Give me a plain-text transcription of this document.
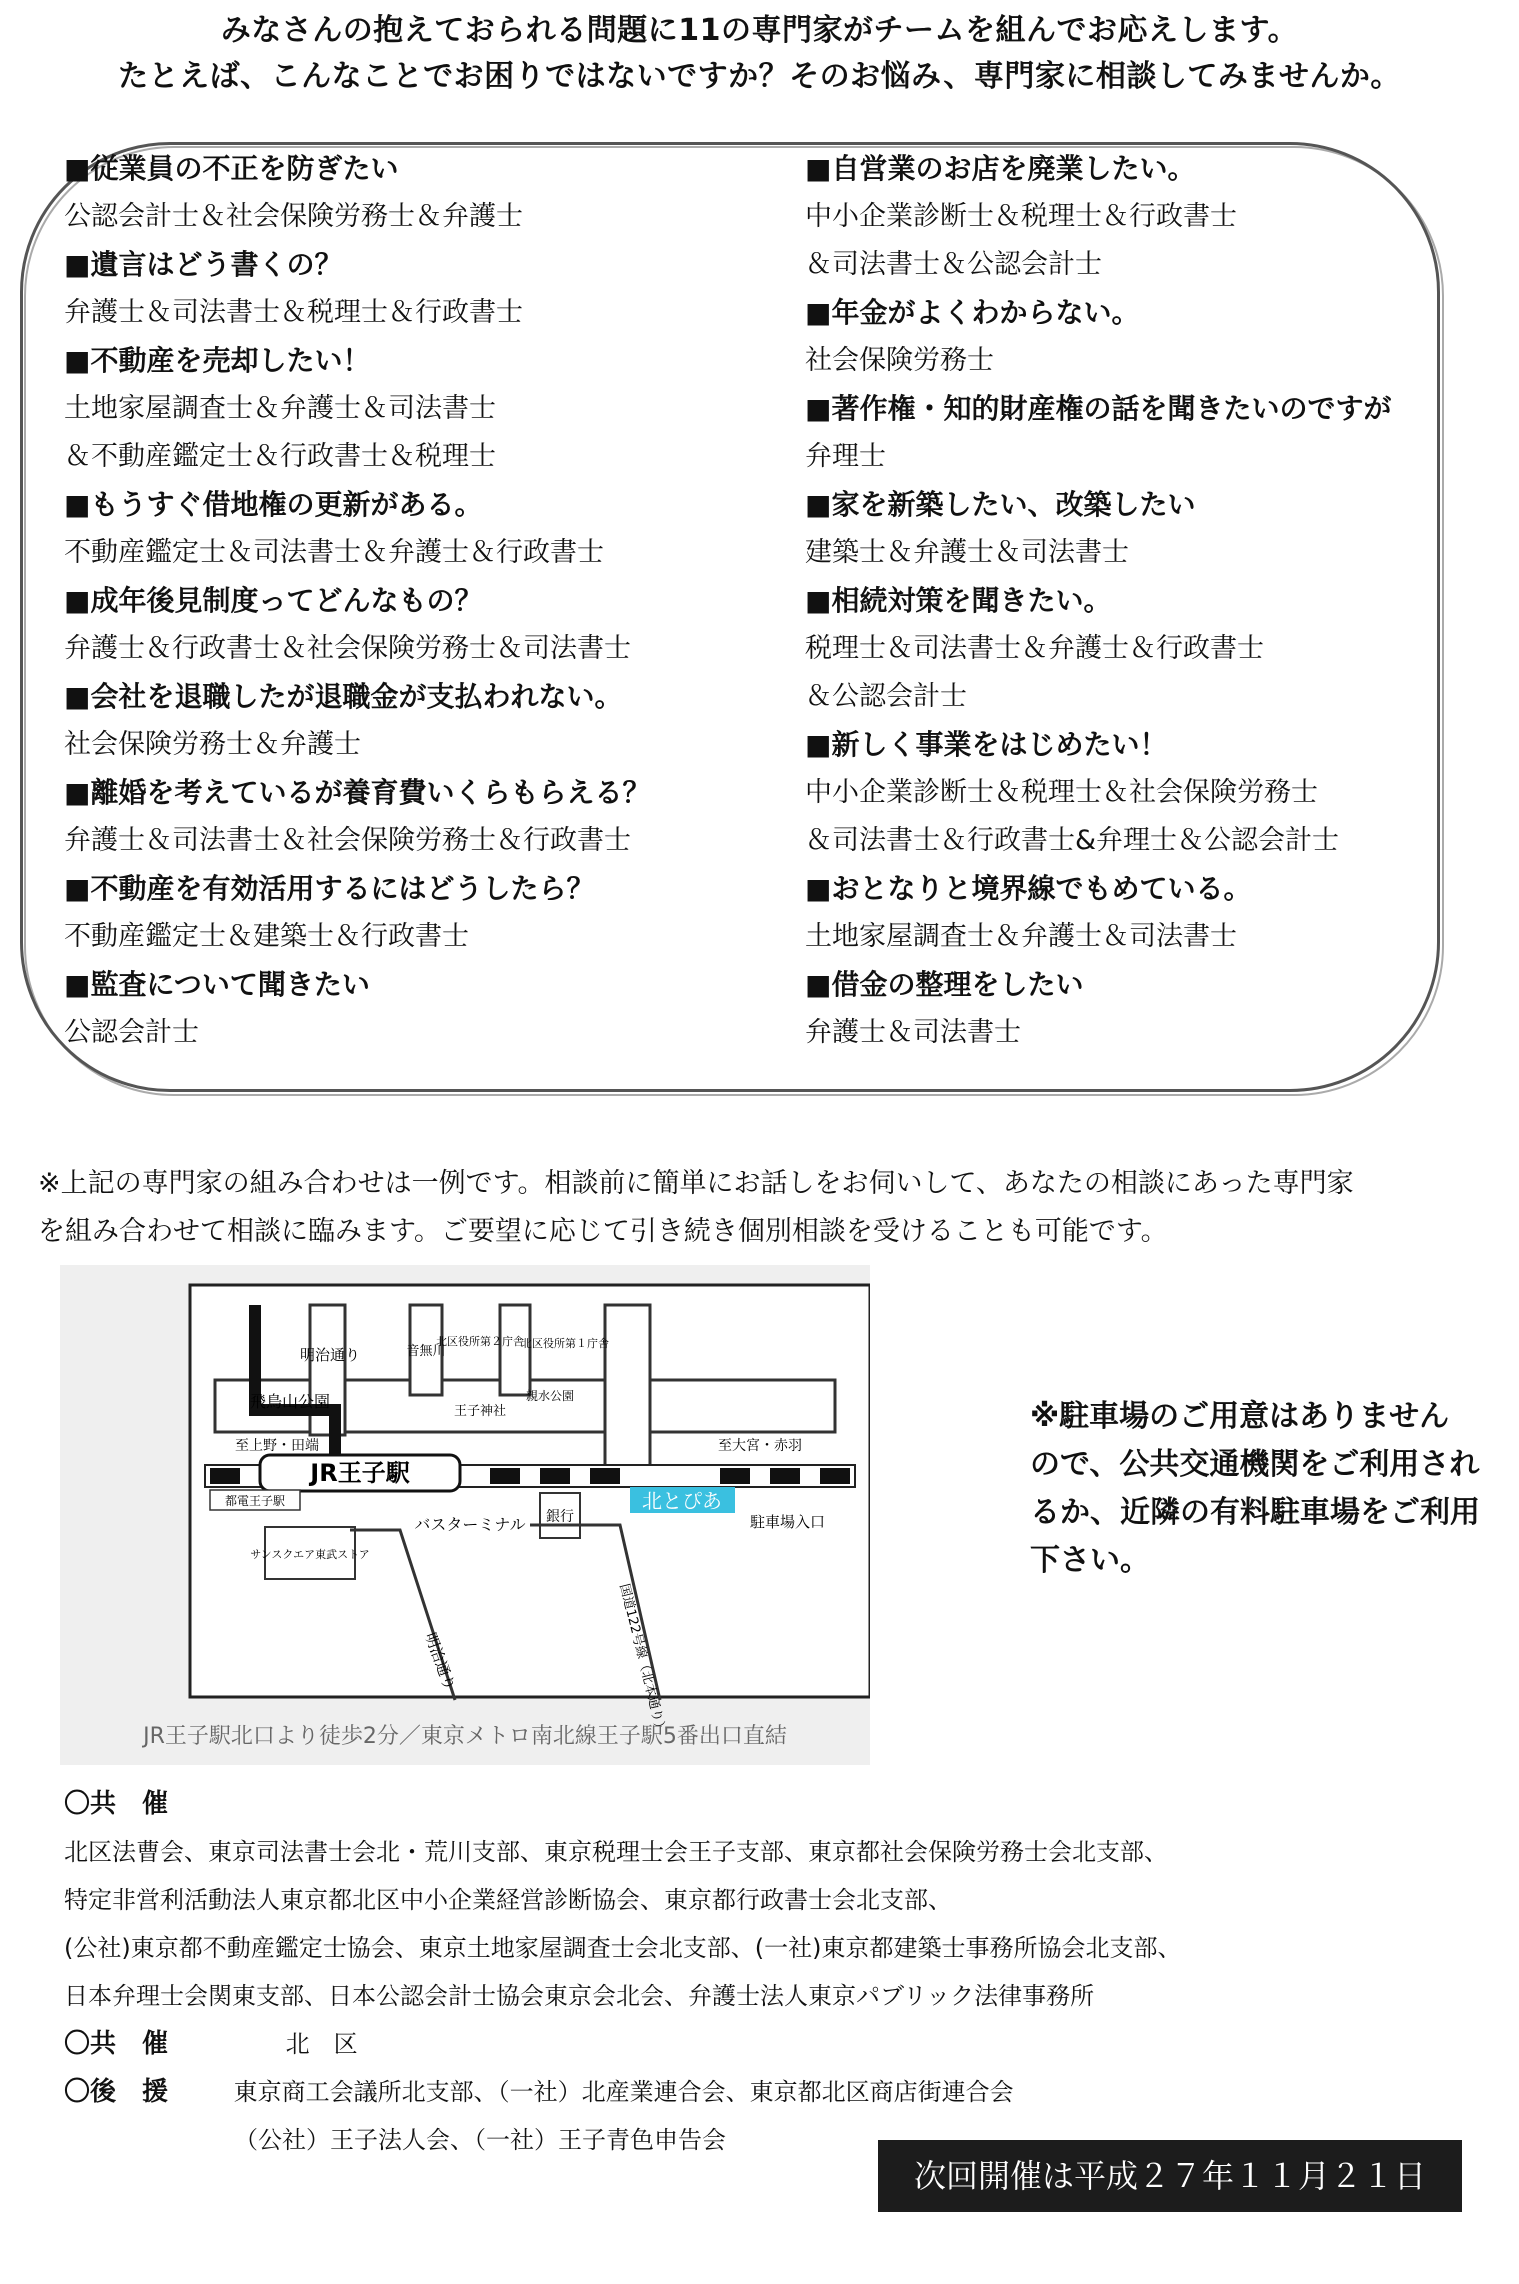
みなさんの抱えておられる問題に11の専門家がチームを組んでお応えします。
たとえば、こんなことでお困りではないですか？そのお悩み、専門家に相談してみませんか。
■従業員の不正を防ぎたい
公認会計士＆社会保険労務士＆弁護士
■遺言はどう書くの？
弁護士＆司法書士＆税理士＆行政書士
■不動産を売却したい！
土地家屋調査士＆弁護士＆司法書士
＆不動産鑑定士＆行政書士＆税理士
■もうすぐ借地権の更新がある。
不動産鑑定士＆司法書士＆弁護士＆行政書士
■成年後見制度ってどんなもの？
弁護士＆行政書士＆社会保険労務士＆司法書士
■会社を退職したが退職金が支払われない。
社会保険労務士＆弁護士
■離婚を考えているが養育費いくらもらえる？
弁護士＆司法書士＆社会保険労務士＆行政書士
■不動産を有効活用するにはどうしたら？
不動産鑑定士＆建築士＆行政書士
■監査について聞きたい
公認会計士
■自営業のお店を廃業したい。
中小企業診断士＆税理士＆行政書士
＆司法書士＆公認会計士
■年金がよくわからない。
社会保険労務士
■著作権・知的財産権の話を聞きたいのですが
弁理士
■家を新築したい、改築したい
建築士＆弁護士＆司法書士
■相続対策を聞きたい。
税理士＆司法書士＆弁護士＆行政書士
＆公認会計士
■新しく事業をはじめたい！
中小企業診断士＆税理士＆社会保険労務士
＆司法書士＆行政書士&弁理士＆公認会計士
■おとなりと境界線でもめている。
土地家屋調査士＆弁護士＆司法書士
■借金の整理をしたい
弁護士＆司法書士
※上記の専門家の組み合わせは一例です。相談前に簡単にお話しをお伺いして、あなたの相談にあった専門家
を組み合わせて相談に臨みます。ご要望に応じて引き続き個別相談を受けることも可能です。
JR王子駅
北とぴあ
駐車場入口
銀行
バスターミナル
サンスクエア東武ストア
都電王子駅
明治通り	音無川
北区役所第２庁舎
北区役所第１庁舎
飛鳥山公園
王子神社
親水公園
至上野・田端	至大宮・赤羽
明治通り	国道122号線（北本通り）
JR王子駅北口より徒歩2分／東京メトロ南北線王子駅5番出口直結
※駐車場のご用意はありません
ので、公共交通機関をご利用され
るか、近隣の有料駐車場をご利用
下さい。
〇共　催
北区法曹会、東京司法書士会北・荒川支部、東京税理士会王子支部、東京都社会保険労務士会北支部、
特定非営利活動法人東京都北区中小企業経営診断協会、東京都行政書士会北支部、
(公社)東京都不動産鑑定士協会、東京土地家屋調査士会北支部、(一社)東京都建築士事務所協会北支部、
日本弁理士会関東支部、日本公認会計士協会東京会北会、弁護士法人東京パブリック法律事務所
〇共　催	北　区
〇後　援	東京商工会議所北支部、（一社）北産業連合会、東京都北区商店街連合会
（公社）王子法人会、（一社）王子青色申告会
次回開催は平成２７年１１月２１日（土）
